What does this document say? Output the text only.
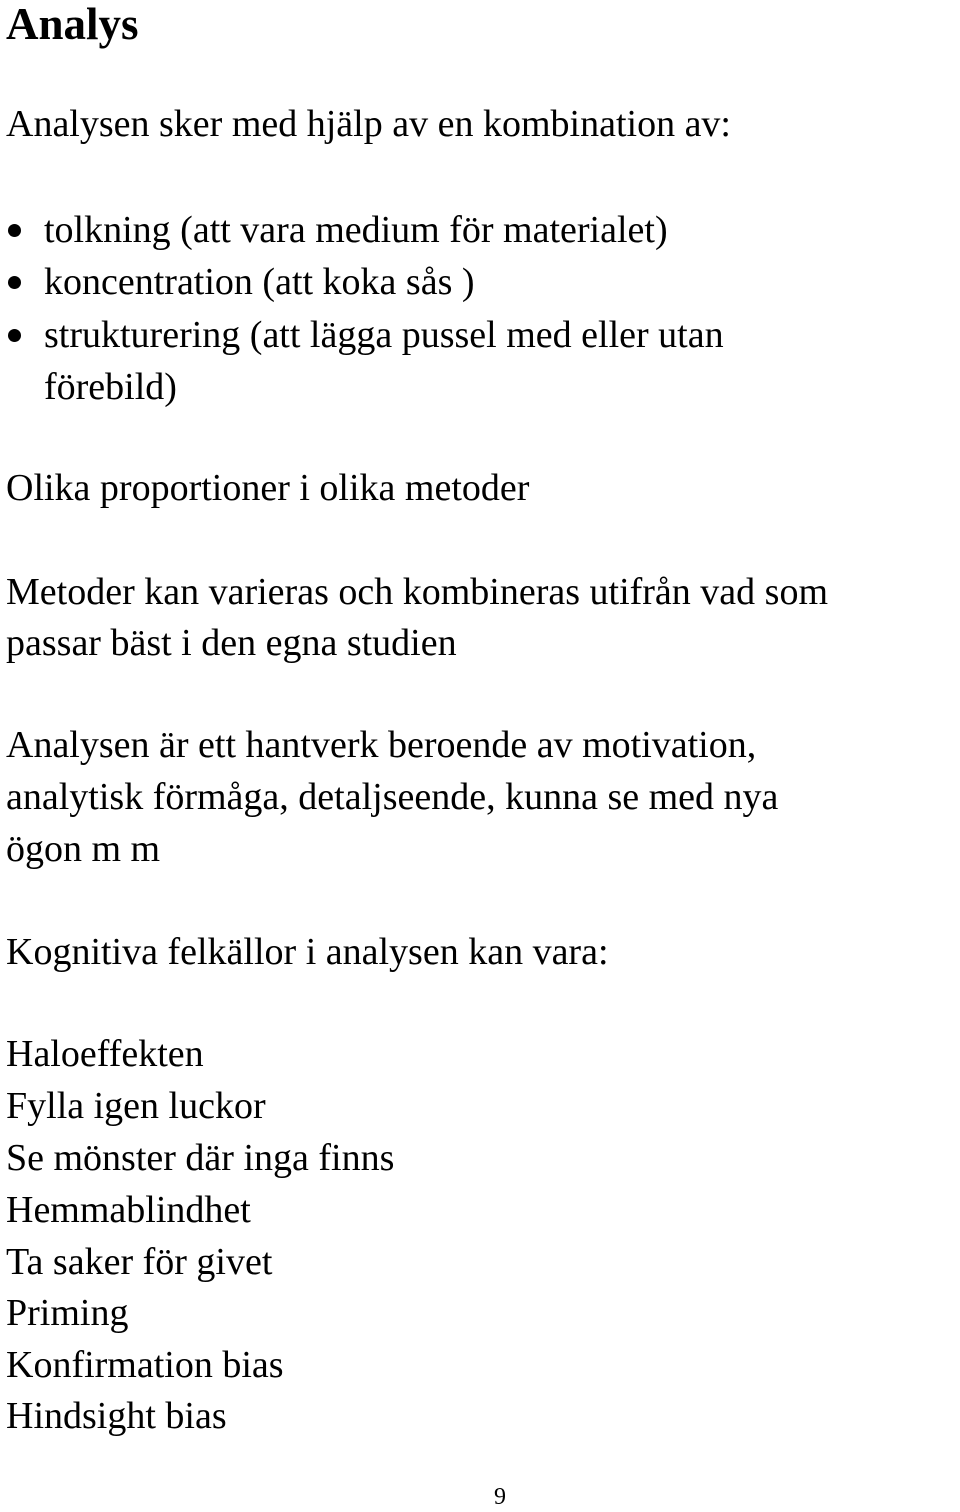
Analys

Analysen sker med hjälp av en kombination av:

tolkning (att vara medium för materialet)
koncentration (att koka sås )
strukturering (att lägga pussel med eller utan
förebild)

Olika proportioner i olika metoder

Metoder kan varieras och kombineras utifrån vad som

passar bäst i den egna studien

Analysen är ett hantverk beroende av motivation,

analytisk förmåga, detaljseende, kunna se med nya

ögon m m

Kognitiva felkällor i analysen kan vara:

Haloeffekten

Fylla igen luckor

Se mönster där inga finns

Hemmablindhet

Ta saker för givet

Priming

Konfirmation bias

Hindsight bias

9
